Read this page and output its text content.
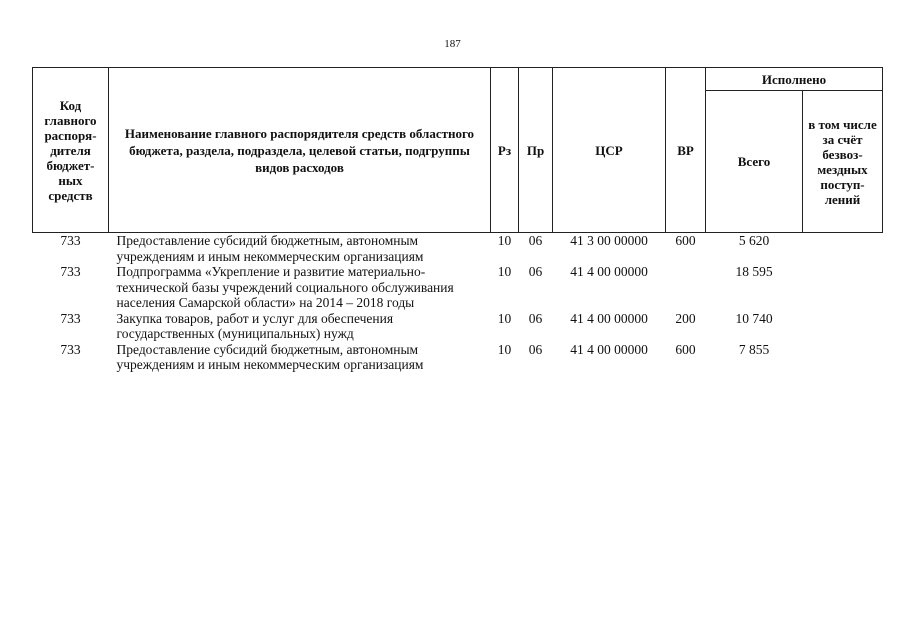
187
Код главного распоря-дителя бюджет-ных средств	Наименование главного распорядителя средств областного бюджета, раздела, подраздела, целевой статьи, подгруппы видов расходов	Рз	Пр	ЦСР	ВР	Исполнено	
						Всего	в том числе за счёт безвоз-мездных поступ-лений
733	Предоставление субсидий бюджетным, автономным учреждениям и иным некоммерческим организациям	10	06	41 3 00 00000	600	5 620	
733	Подпрограмма «Укрепление и развитие материально-технической базы учреждений социального обслуживания населения Самарской области» на 2014 – 2018 годы	10	06	41 4 00 00000		18 595	
733	Закупка товаров, работ и услуг для обеспечения государственных (муниципальных) нужд	10	06	41 4 00 00000	200	10 740	
733	Предоставление субсидий бюджетным, автономным учреждениям и иным некоммерческим организациям	10	06	41 4 00 00000	600	7 855	
